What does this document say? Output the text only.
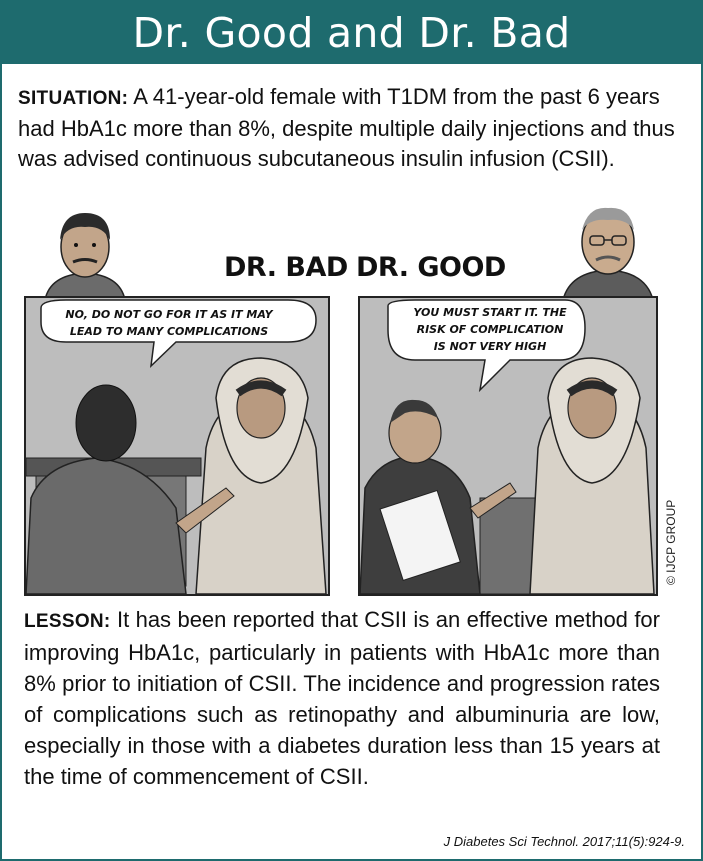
Dr. Good and Dr. Bad
SITUATION: A 41-year-old female with T1DM from the past 6 years had HbA1c more than 8%, despite multiple daily injections and thus was advised continuous subcutaneous insulin infusion (CSII).
DR. BAD DR. GOOD
NO, DO NOT GO FOR IT AS IT MAY
LEAD TO MANY COMPLICATIONS
YOU MUST START IT. THE
RISK OF COMPLICATION
IS NOT VERY HIGH
© IJCP GROUP
LESSON: It has been reported that CSII is an effective method for improving HbA1c, particularly in patients with HbA1c more than 8% prior to initiation of CSII. The incidence and progression rates of complications such as retinopathy and albuminuria are low, especially in those with a diabetes duration less than 15 years at the time of commencement of CSII.
J Diabetes Sci Technol. 2017;11(5):924-9.
